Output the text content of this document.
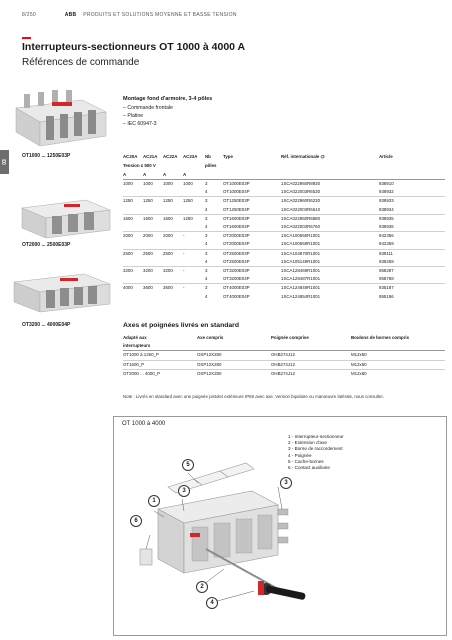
8/250	ABB PRODUITS ET SOLUTIONS MOYENNE ET BASSE TENSION
Interrupteurs-sectionneurs OT 1000 à 4000 A
Références de commande
03
OT1000 ... 1250E03P
OT2000 ... 2500E03P
OT3200 ... 4000E04P
Montage fond d'armoire, 3-4 pôles
– Commande frontale
– Platine
– IEC 60947-3
AC20A	AC21A	AC22A	AC23A	Nb	Type	Réf. internationale @	Article
Tension ≤ 500 V				pôles			
A	A	A	A				
1000	1000	1000	1000	3	OT1000E03P	1SCA022960R8930	938910
				4	OT1000E04P	1SCA022003R6530	938932
1250	1250	1250	1250	3	OT1250E03P	1SCA022960R6230	938933
				4	OT1250E04P	1SCA022003R6610	938934
1600	1600	1600	1250	3	OT1600E03P	1SCA022960R6880	938935
				4	OT1600E04P	1SCA022003R6760	938936
2000	2000	2000	-	3	OT2000E03P	1SCA100656R1001	942356
				4	OT2000E04P	1SCA100658R1001	942359
2500	2500	2500	-	3	OT2500E03P	1SCA104870R1001	939111
				4	OT2500E04P	1SCA105149R1001	939269
3200	3200	3200	-	3	OT3200E03P	1SCA128469R1001	958287
				4	OT3200E04P	1SCA128487R1001	958768
4000	3600	3600	-	3	OT4000E03P	1SCA124848R1001	935187
				4	OT4000E04P	1SCA124854R1001	955196
Note : Livrés en standard avec une poignée pistolet extérieure IP65 avec axe. Version bipolaire ou manœuvre latérale, nous consulter.
Axes et poignées livrés en standard
Adapté aux	Axe compris	Poignée comprise	Boulons de bornes compris
interrupteurs			
OT1000 à 1250_P	OXP12X280	OHB274J12	M12x50
OT1600_P	OXP12X280	OHB274J12	M12x60
OT2000 ... 4000_P	OXP12X280	OHB274J12	M12x60
OT 1000 à 4000
1 - Interrupteur-sectionneur
2 - Extension d'axe
3 - Borne de raccordement
4 - Poignée
5 - Cache-bornes
6 - Contact auxiliaire
5
3
1
6
3
2
4
